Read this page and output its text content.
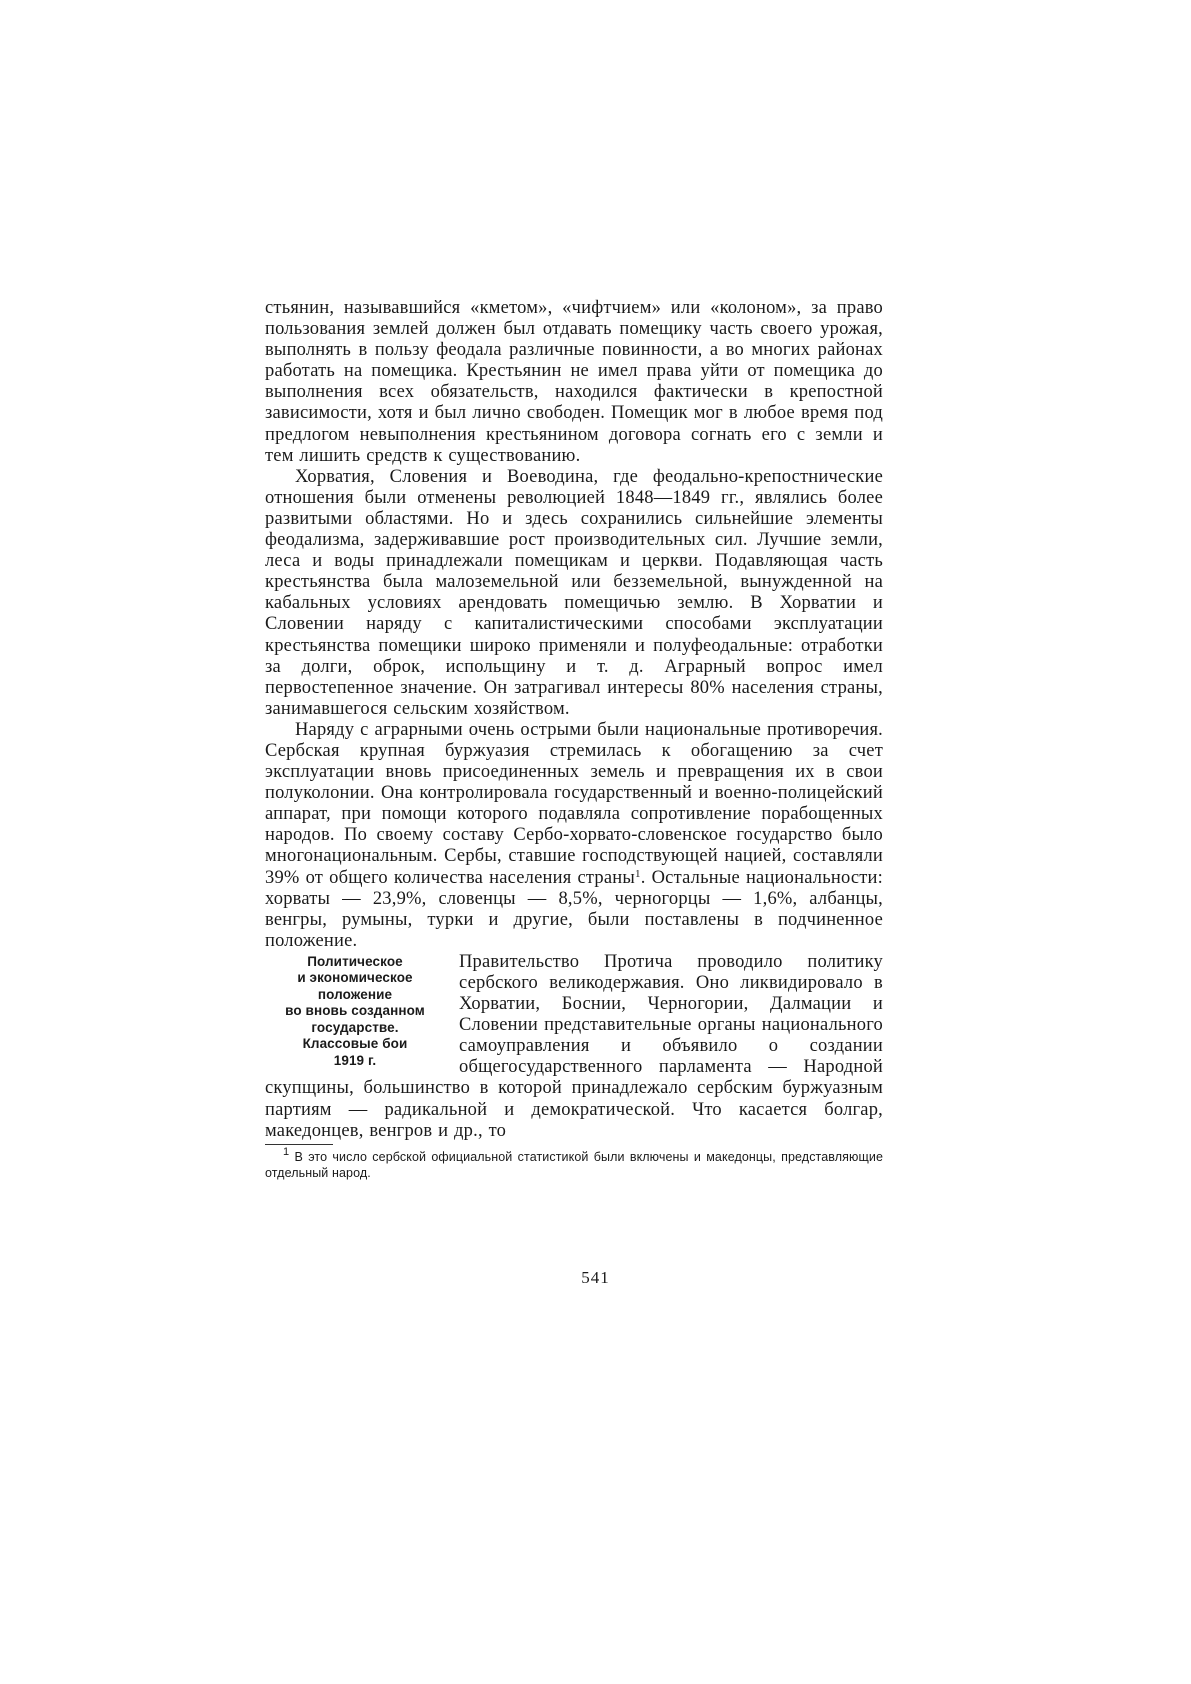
стьянин, называвшийся «кметом», «чифтчием» или «колоном», за право пользования землей должен был отдавать помещику часть своего урожая, выполнять в пользу феодала различные повинности, а во многих районах работать на помещика. Крестьянин не имел права уйти от помещика до выполнения всех обязательств, находился фактически в крепостной зависимости, хотя и был лично свободен. Помещик мог в любое время под предлогом невыполнения крестьянином договора согнать его с земли и тем лишить средств к существованию.

Хорватия, Словения и Воеводина, где феодально-крепостнические отношения были отменены революцией 1848—1849 гг., являлись более развитыми областями. Но и здесь сохранились сильнейшие элементы феодализма, задерживавшие рост производительных сил. Лучшие земли, леса и воды принадлежали помещикам и церкви. Подавляющая часть крестьянства была малоземельной или безземельной, вынужденной на кабальных условиях арендовать помещичью землю. В Хорватии и Словении наряду с капиталистическими способами эксплуатации крестьянства помещики широко применяли и полуфеодальные: отработки за долги, оброк, испольщину и т. д. Аграрный вопрос имел первостепенное значение. Он затрагивал интересы 80% населения страны, занимавшегося сельским хозяйством.

Наряду с аграрными очень острыми были национальные противоречия. Сербская крупная буржуазия стремилась к обогащению за счет эксплуатации вновь присоединенных земель и превращения их в свои полуколонии. Она контролировала государственный и военно-полицейский аппарат, при помощи которого подавляла сопротивление порабощенных народов. По своему составу Сербо-хорвато-словенское государство было многонациональным. Сербы, ставшие господствующей нацией, составляли 39% от общего количества населения страны$^1$. Остальные национальности: хорваты — 23,9%, словенцы — 8,5%, черногорцы — 1,6%, албанцы, венгры, румыны, турки и другие, были поставлены в подчиненное положение.

Политическое
и экономическое
положение
во вновь созданном
государстве.
Классовые бои
1919 г.

Правительство Протича проводило политику сербского великодержавия. Оно ликвидировало в Хорватии, Боснии, Черногории, Далмации и Словении представительные органы национального самоуправления и объявило о создании общегосударственного парламента — Народной скупщины, большинство в которой принадлежало сербским буржуазным партиям — радикальной и демократической. Что касается болгар, македонцев, венгров и др., то

$^1$ В это число сербской официальной статистикой были включены и македонцы, представляющие отдельный народ.

541
